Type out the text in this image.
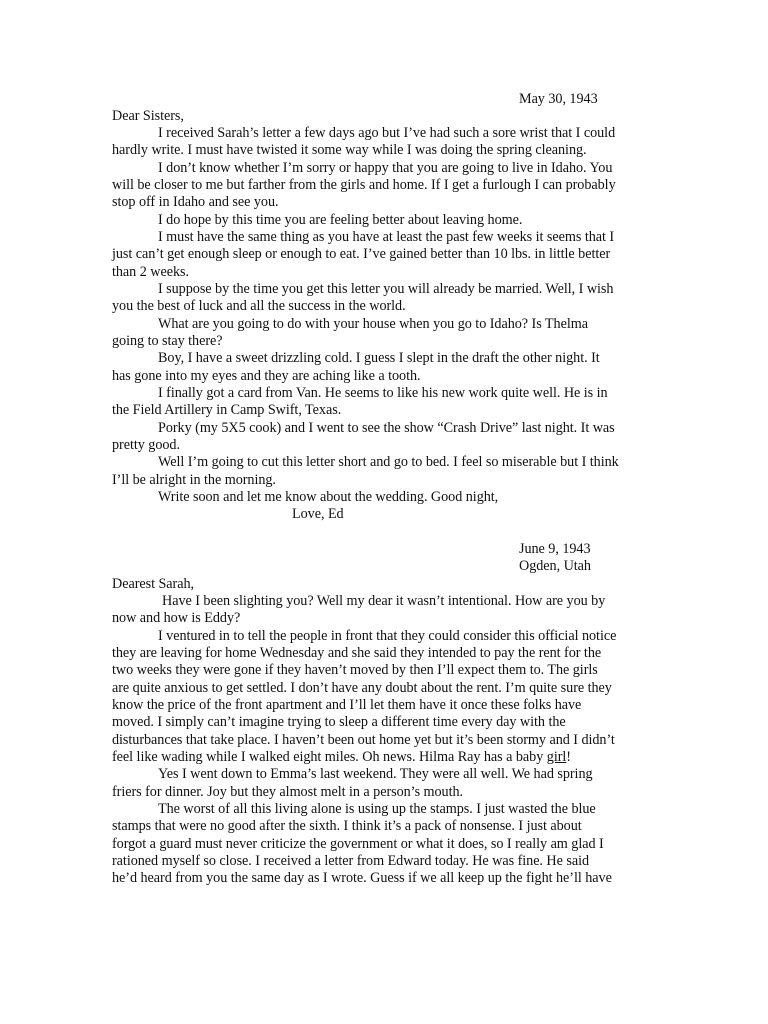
May 30, 1943
Dear Sisters,
I received Sarah’s letter a few days ago but I’ve had such a sore wrist that I could
hardly write. I must have twisted it some way while I was doing the spring cleaning.
I don’t know whether I’m sorry or happy that you are going to live in Idaho. You
will be closer to me but farther from the girls and home. If I get a furlough I can probably
stop off in Idaho and see you.
I do hope by this time you are feeling better about leaving home.
I must have the same thing as you have at least the past few weeks it seems that I
just can’t get enough sleep or enough to eat. I’ve gained better than 10 lbs. in little better
than 2 weeks.
I suppose by the time you get this letter you will already be married. Well, I wish
you the best of luck and all the success in the world.
What are you going to do with your house when you go to Idaho? Is Thelma
going to stay there?
Boy, I have a sweet drizzling cold. I guess I slept in the draft the other night. It
has gone into my eyes and they are aching like a tooth.
I finally got a card from Van. He seems to like his new work quite well. He is in
the Field Artillery in Camp Swift, Texas.
Porky (my 5X5 cook) and I went to see the show “Crash Drive” last night. It was
pretty good.
Well I’m going to cut this letter short and go to bed. I feel so miserable but I think
I’ll be alright in the morning.
Write soon and let me know about the wedding. Good night,
Love, Ed
June 9, 1943
Ogden, Utah
Dearest Sarah,
Have I been slighting you? Well my dear it wasn’t intentional. How are you by
now and how is Eddy?
I ventured in to tell the people in front that they could consider this official notice
they are leaving for home Wednesday and she said they intended to pay the rent for the
two weeks they were gone if they haven’t moved by then I’ll expect them to. The girls
are quite anxious to get settled. I don’t have any doubt about the rent. I’m quite sure they
know the price of the front apartment and I’ll let them have it once these folks have
moved. I simply can’t imagine trying to sleep a different time every day with the
disturbances that take place. I haven’t been out home yet but it’s been stormy and I didn’t
feel like wading while I walked eight miles. Oh news. Hilma Ray has a baby girl!
Yes I went down to Emma’s last weekend. They were all well. We had spring
friers for dinner. Joy but they almost melt in a person’s mouth.
The worst of all this living alone is using up the stamps. I just wasted the blue
stamps that were no good after the sixth. I think it’s a pack of nonsense. I just about
forgot a guard must never criticize the government or what it does, so I really am glad I
rationed myself so close. I received a letter from Edward today. He was fine. He said
he’d heard from you the same day as I wrote. Guess if we all keep up the fight he’ll have
